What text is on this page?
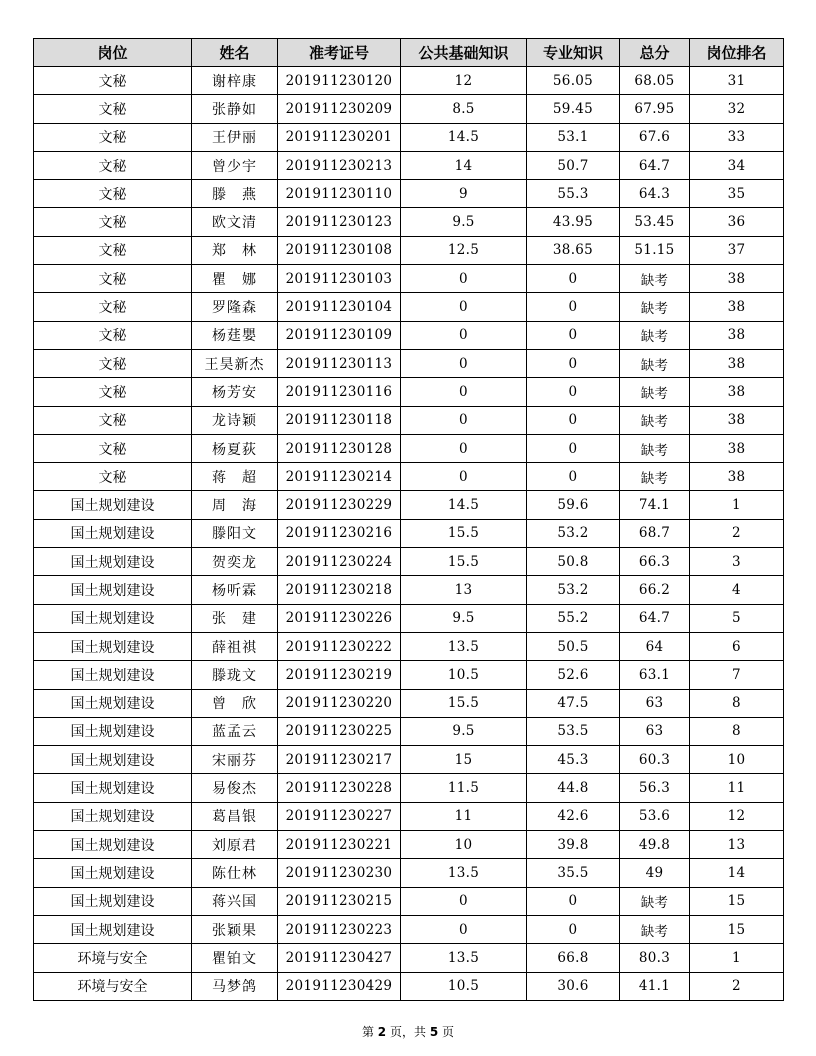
岗位	姓名	准考证号	公共基础知识	专业知识	总分	岗位排名
文秘	谢梓康	201911230120	12	56.05	68.05	31
文秘	张静如	201911230209	8.5	59.45	67.95	32
文秘	王伊丽	201911230201	14.5	53.1	67.6	33
文秘	曾少宇	201911230213	14	50.7	64.7	34
文秘	滕　燕	201911230110	9	55.3	64.3	35
文秘	欧文清	201911230123	9.5	43.95	53.45	36
文秘	郑　林	201911230108	12.5	38.65	51.15	37
文秘	瞿　娜	201911230103	0	0	缺考	38
文秘	罗隆森	201911230104	0	0	缺考	38
文秘	杨莛嬰	201911230109	0	0	缺考	38
文秘	王昊新杰	201911230113	0	0	缺考	38
文秘	杨芳安	201911230116	0	0	缺考	38
文秘	龙诗颖	201911230118	0	0	缺考	38
文秘	杨夏荻	201911230128	0	0	缺考	38
文秘	蒋　超	201911230214	0	0	缺考	38
国土规划建设	周　海	201911230229	14.5	59.6	74.1	1
国土规划建设	滕阳文	201911230216	15.5	53.2	68.7	2
国土规划建设	贺奕龙	201911230224	15.5	50.8	66.3	3
国土规划建设	杨听霖	201911230218	13	53.2	66.2	4
国土规划建设	张　建	201911230226	9.5	55.2	64.7	5
国土规划建设	薛祖祺	201911230222	13.5	50.5	64	6
国土规划建设	滕珑文	201911230219	10.5	52.6	63.1	7
国土规划建设	曾　欣	201911230220	15.5	47.5	63	8
国土规划建设	蓝孟云	201911230225	9.5	53.5	63	8
国土规划建设	宋丽芬	201911230217	15	45.3	60.3	10
国土规划建设	易俊杰	201911230228	11.5	44.8	56.3	11
国土规划建设	葛昌银	201911230227	11	42.6	53.6	12
国土规划建设	刘原君	201911230221	10	39.8	49.8	13
国土规划建设	陈仕林	201911230230	13.5	35.5	49	14
国土规划建设	蒋兴国	201911230215	0	0	缺考	15
国土规划建设	张颖果	201911230223	0	0	缺考	15
环境与安全	瞿铂文	201911230427	13.5	66.8	80.3	1
环境与安全	马梦鸽	201911230429	10.5	30.6	41.1	2
第 2 页，共 5 页
